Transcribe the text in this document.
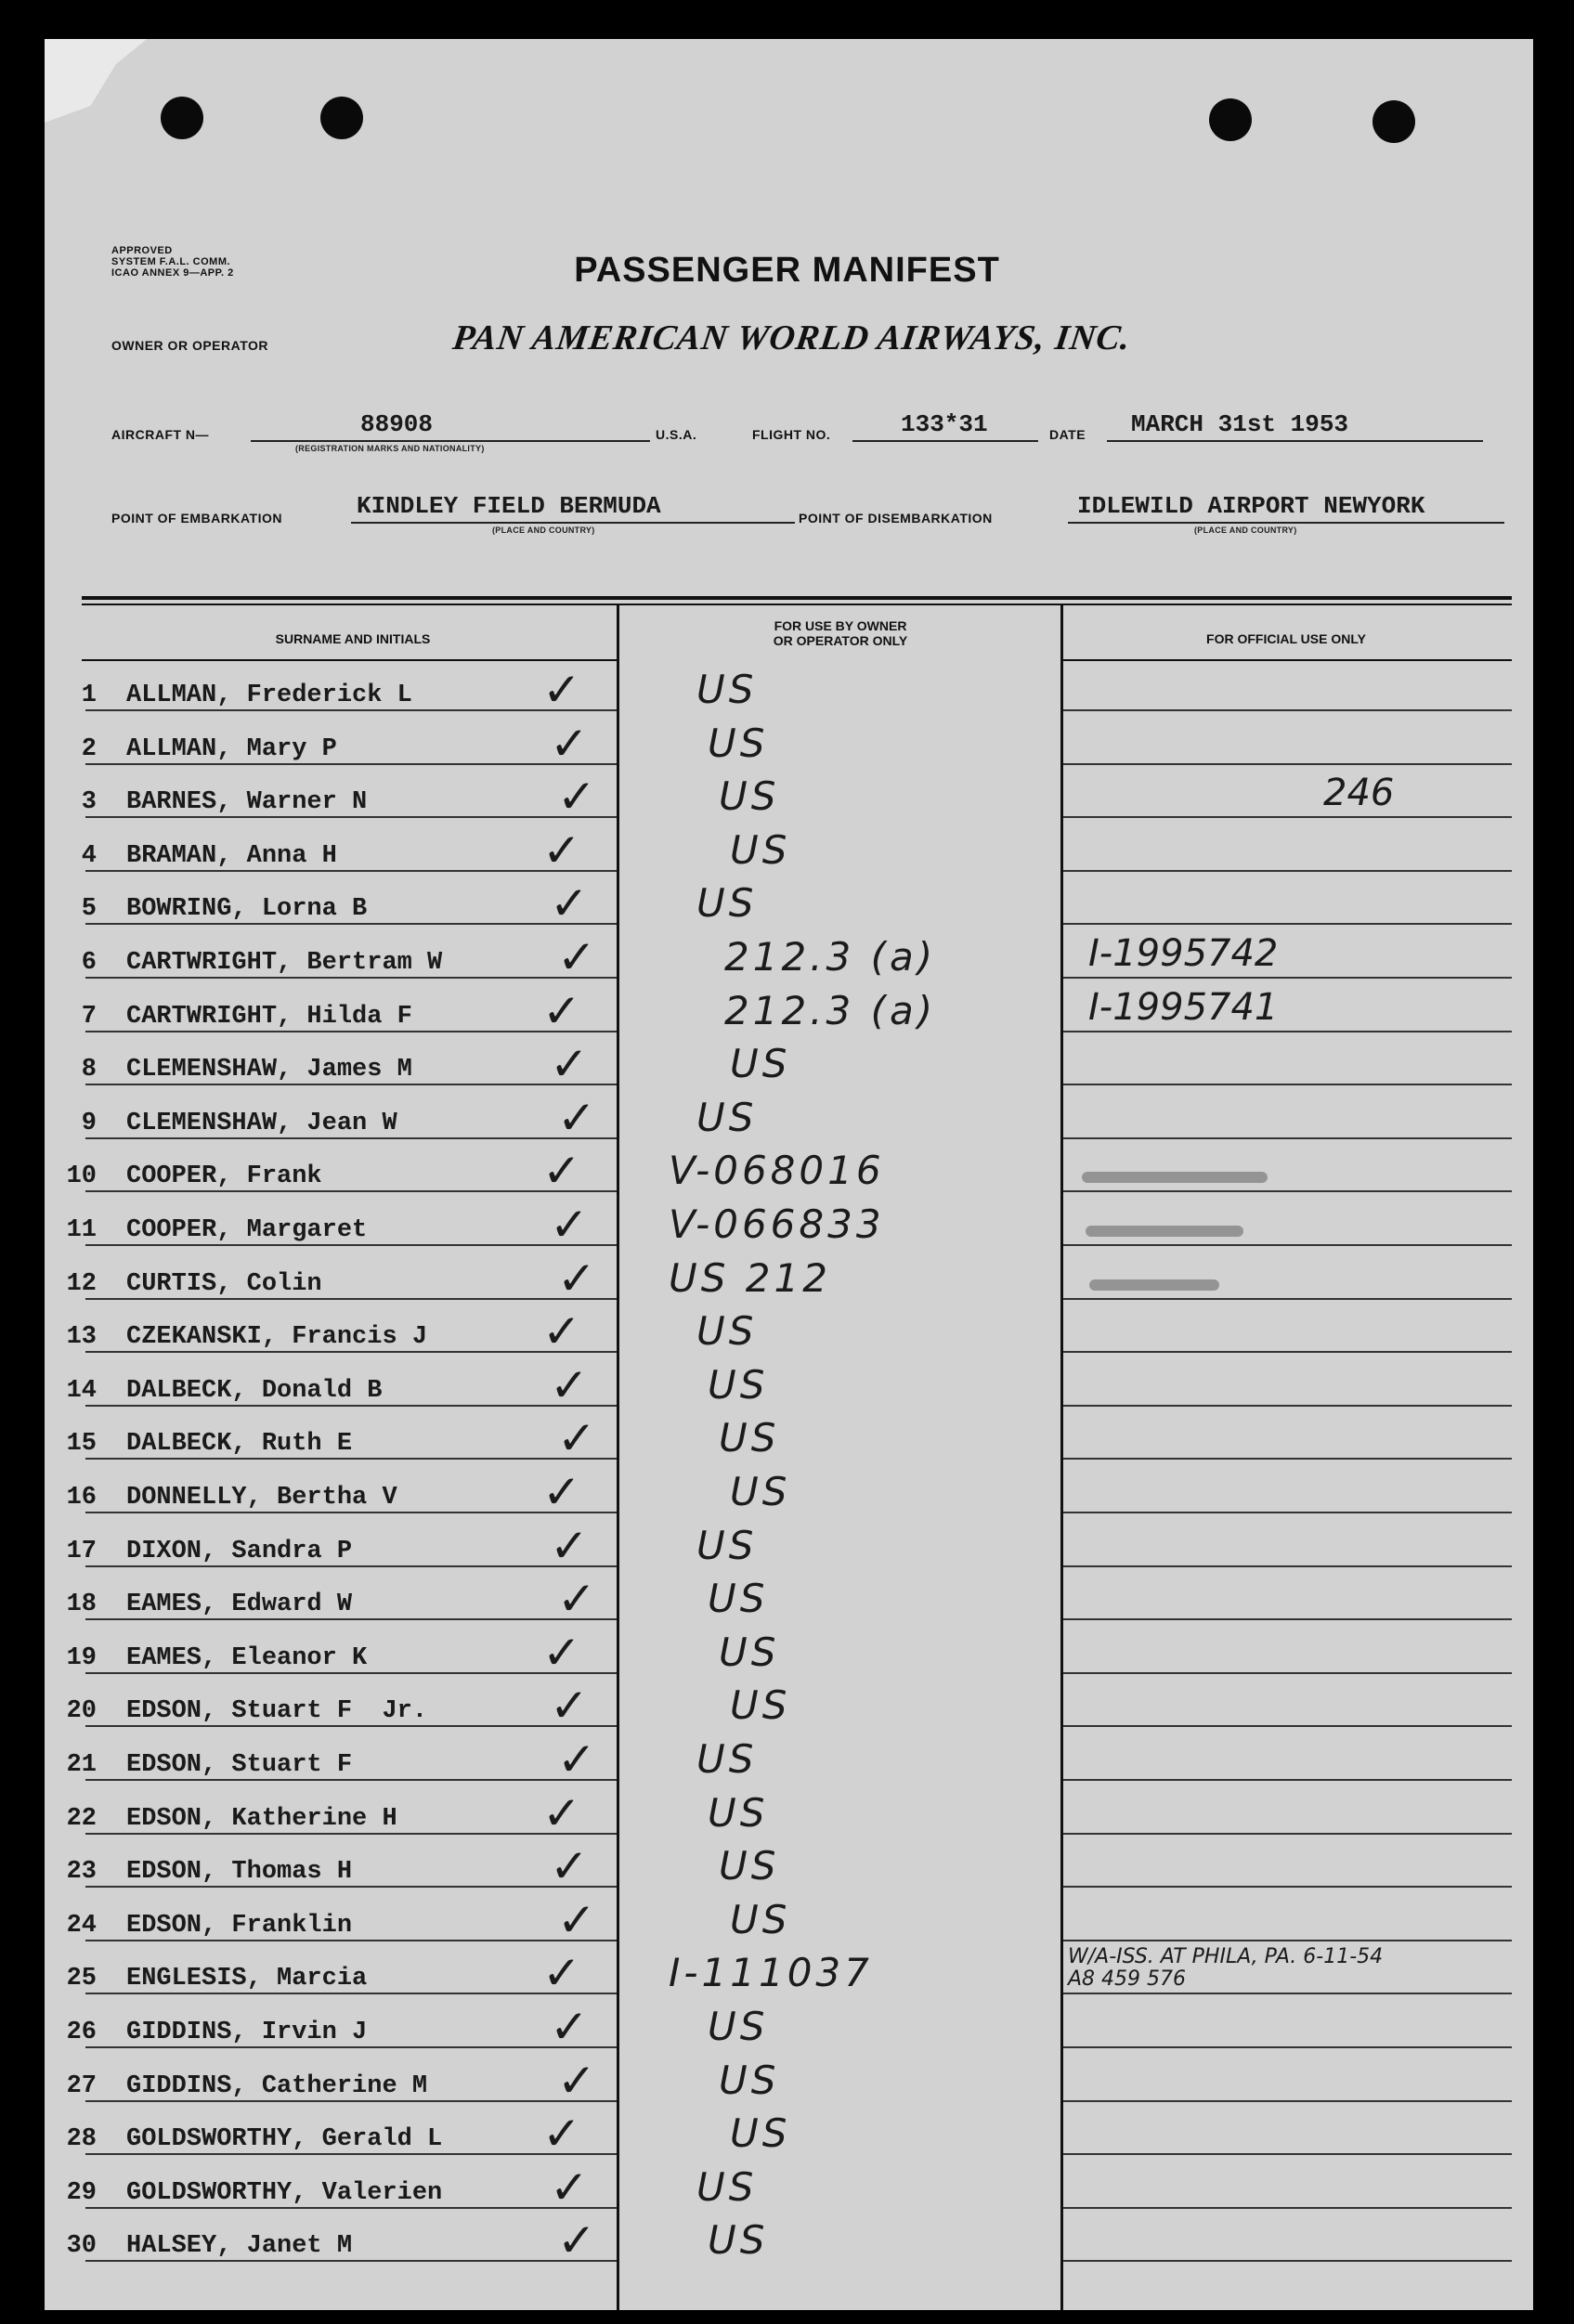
APPROVED
SYSTEM F.A.L. COMM.
ICAO ANNEX 9—APP. 2	PASSENGER MANIFEST
OWNER OR OPERATOR	PAN AMERICAN WORLD AIRWAYS, INC.
AIRCRAFT N—	88908
(REGISTRATION MARKS AND NATIONALITY)
U.S.A.	FLIGHT NO.	133*31	DATE MARCH 31st 1953
POINT OF EMBARKATION	KINDLEY FIELD BERMUDA
(PLACE AND COUNTRY)
POINT OF DISEMBARKATION	IDLEWILD AIRPORT NEWYORK
(PLACE AND COUNTRY)
SURNAME AND INITIALS
FOR USE BY OWNER
OR OPERATOR ONLY	FOR OFFICIAL USE ONLY
1 ALLMAN, Frederick L	✓	US
2 ALLMAN, Mary P	✓	US
3 BARNES, Warner N	✓	US	246
4 BRAMAN, Anna H	✓	US
5 BOWRING, Lorna B	✓	US
6 CARTWRIGHT, Bertram W ✓	212.3 (a)	I-1995742
7 CARTWRIGHT, Hilda F	✓	212.3 (a)	I-1995741
8 CLEMENSHAW, James M	✓	US
9 CLEMENSHAW, Jean W	✓	US
10 COOPER, Frank	✓ V-068016
11 COOPER, Margaret	✓ V-066833
12 CURTIS, Colin	✓ US 212
13 CZEKANSKI, Francis J ✓	US
14 DALBECK, Donald B	✓	US
15 DALBECK, Ruth E	✓	US
16 DONNELLY, Bertha V	✓	US
17 DIXON, Sandra P	✓	US
18 EAMES, Edward W	✓	US
19 EAMES, Eleanor K	✓	US
20 EDSON, Stuart F  Jr.	✓	US
21 EDSON, Stuart F	✓	US
22 EDSON, Katherine H	✓	US
23 EDSON, Thomas H	✓	US
24 EDSON, Franklin	✓	US
25 ENGLESIS, Marcia	✓ I-111037	W/A-ISS. AT PHILA, PA. 6-11-54
A8 459 576
26 GIDDINS, Irvin J	✓	US
27 GIDDINS, Catherine M	✓	US
28 GOLDSWORTHY, Gerald L ✓	US
29 GOLDSWORTHY, Valerien ✓	US
30 HALSEY, Janet M	✓	US
